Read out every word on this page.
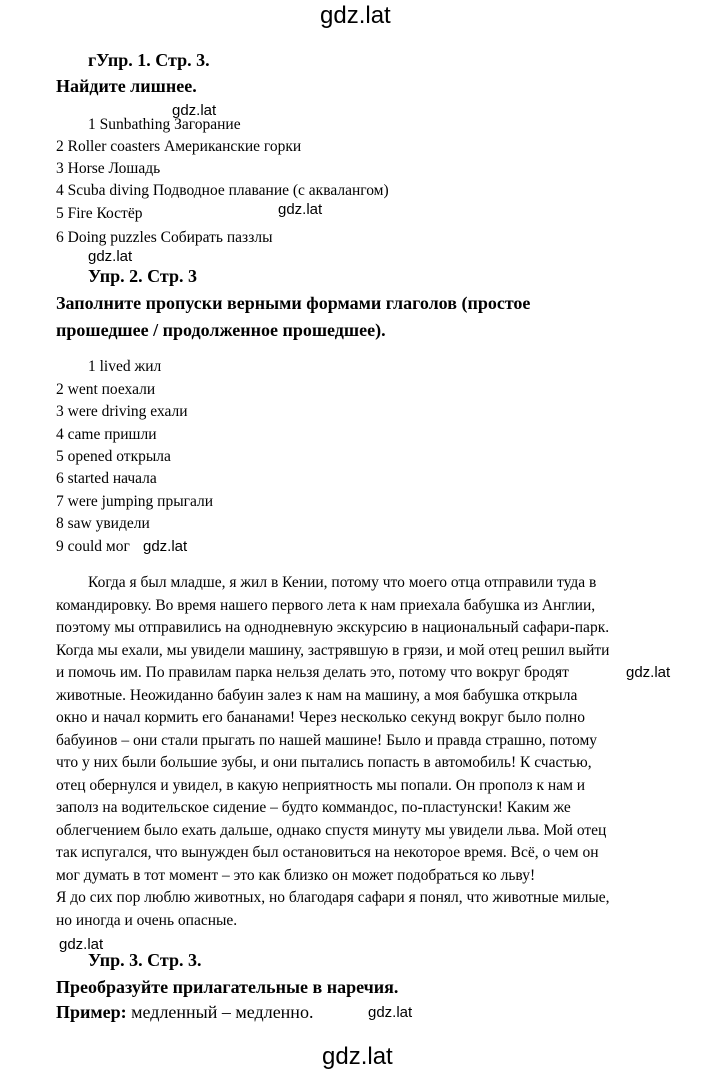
gdz.lat
gdz.lat
gdz.lat
gdz.lat
gdz.lat
gdz.lat
gdz.lat
gdz.lat
gdz.lat
гУпр. 1. Стр. 3.
Найдите лишнее.
1 Sunbathing Загорание
2 Roller coasters Американские горки
3 Horse Лошадь
4 Scuba diving Подводное плавание (с аквалангом)
5 Fire Костёр
6 Doing puzzles Собирать паззлы
Упр. 2. Стр. 3
Заполните пропуски верными формами глаголов (простое
прошедшее / продолженное прошедшее).
1 lived жил
2 went поехали
3 were driving ехали
4 came пришли
5 opened открыла
6 started начала
7 were jumping прыгали
8 saw увидели
9 could мог
Когда я был младше, я жил в Кении, потому что моего отца отправили туда в
командировку. Во время нашего первого лета к нам приехала бабушка из Англии,
поэтому мы отправились на однодневную экскурсию в национальный сафари-парк.
Когда мы ехали, мы увидели машину, застрявшую в грязи, и мой отец решил выйти
и помочь им. По правилам парка нельзя делать это, потому что вокруг бродят
животные. Неожиданно бабуин залез к нам на машину, а моя бабушка открыла
окно и начал кормить его бананами! Через несколько секунд вокруг было полно
бабуинов – они стали прыгать по нашей машине! Было и правда страшно, потому
что у них были большие зубы, и они пытались попасть в автомобиль! К счастью,
отец обернулся и увидел, в какую неприятность мы попали. Он прополз к нам и
заполз на водительское сидение – будто коммандос, по-пластунски! Каким же
облегчением было ехать дальше, однако спустя минуту мы увидели льва. Мой отец
так испугался, что вынужден был остановиться на некоторое время. Всё, о чем он
мог думать в тот момент – это как близко он может подобраться ко льву!
Я до сих пор люблю животных, но благодаря сафари я понял, что животные милые,
но иногда и очень опасные.
Упр. 3. Стр. 3.
Преобразуйте прилагательные в наречия.
Пример: медленный – медленно.
